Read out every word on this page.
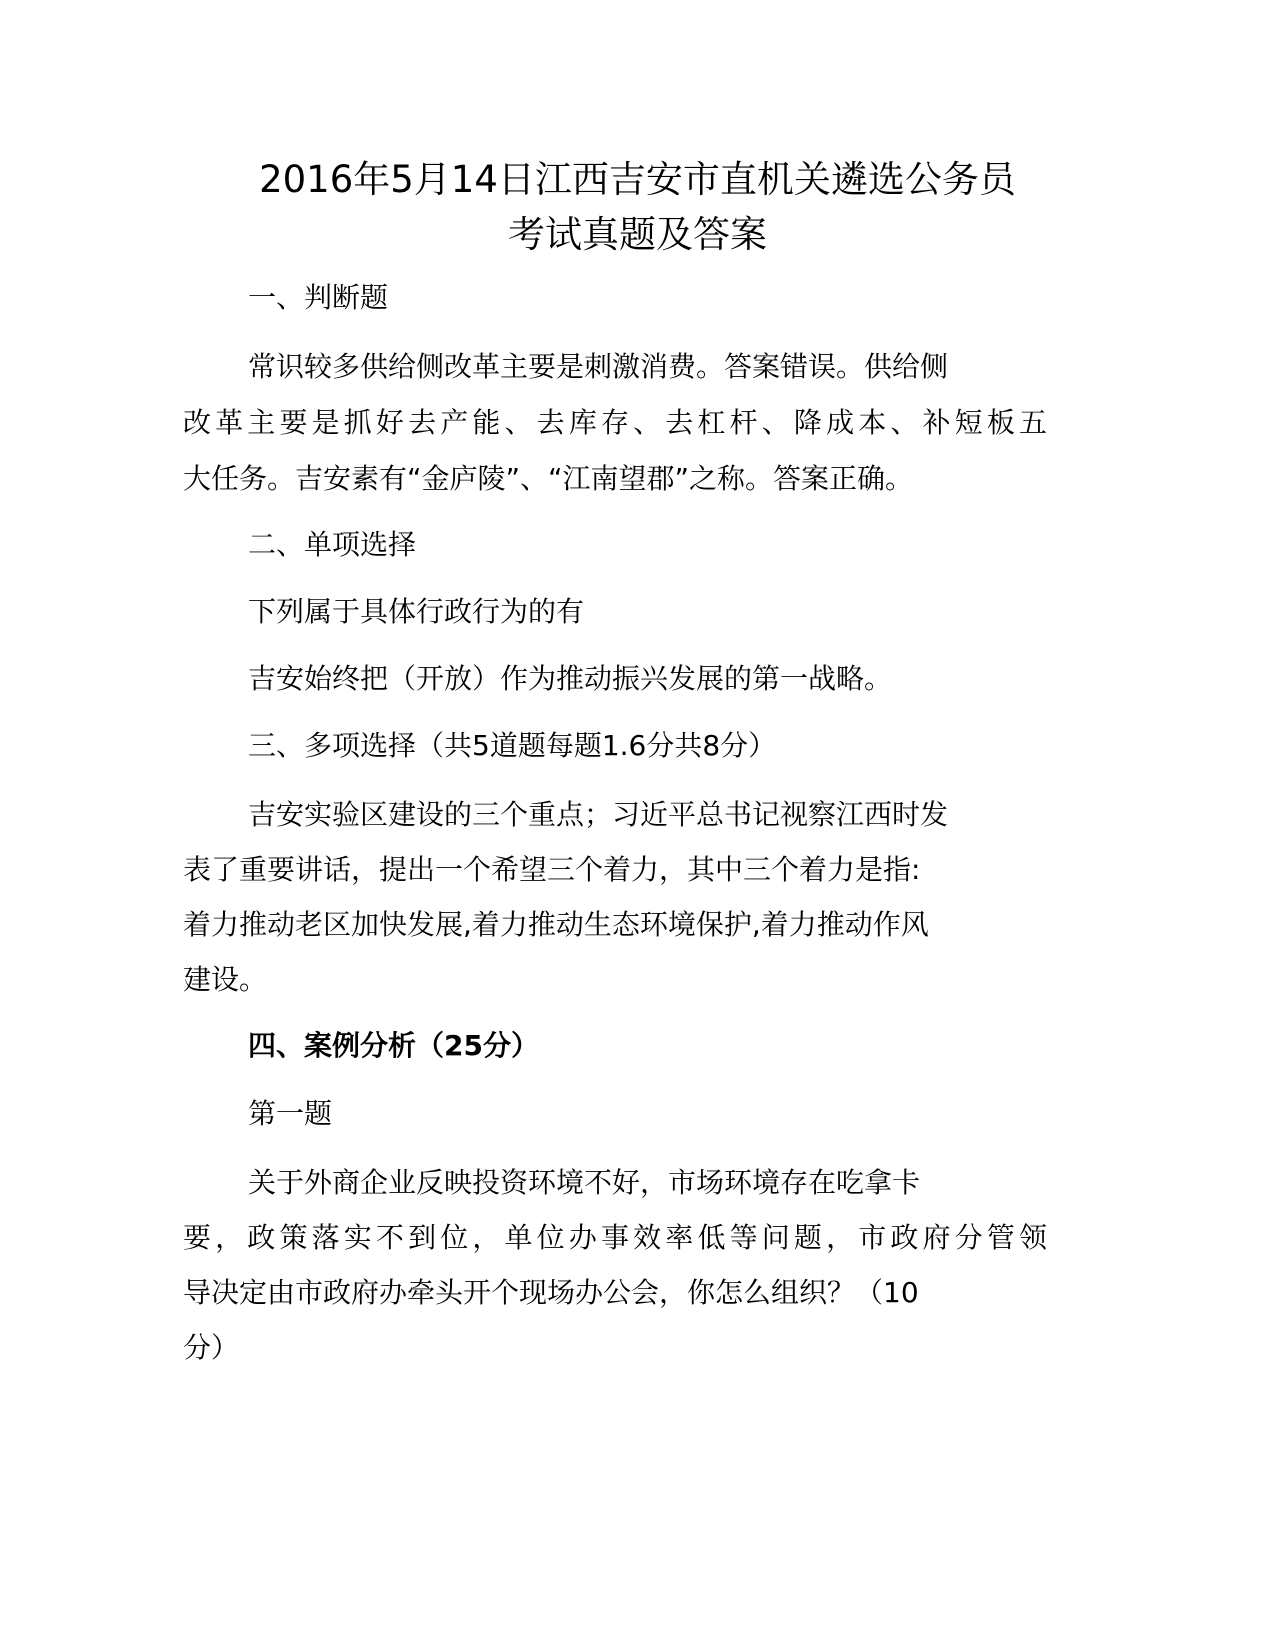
2016年5月14日江西吉安市直机关遴选公务员
考试真题及答案
一、判断题
常识较多供给侧改革主要是刺激消费。答案错误。供给侧
改革主要是抓好去产能、去库存、去杠杆、降成本、补短板五
大任务。吉安素有“金庐陵”、“江南望郡”之称。答案正确。
二、单项选择
下列属于具体行政行为的有
吉安始终把（开放）作为推动振兴发展的第一战略。
三、多项选择（共5道题每题1.6分共8分）
吉安实验区建设的三个重点；习近平总书记视察江西时发
表了重要讲话，提出一个希望三个着力，其中三个着力是指:
着力推动老区加快发展,着力推动生态环境保护,着力推动作风
建设。
四、案例分析（25分）
第一题
关于外商企业反映投资环境不好，市场环境存在吃拿卡
要，政策落实不到位，单位办事效率低等问题，市政府分管领
导决定由市政府办牵头开个现场办公会，你怎么组织？（10
分）
